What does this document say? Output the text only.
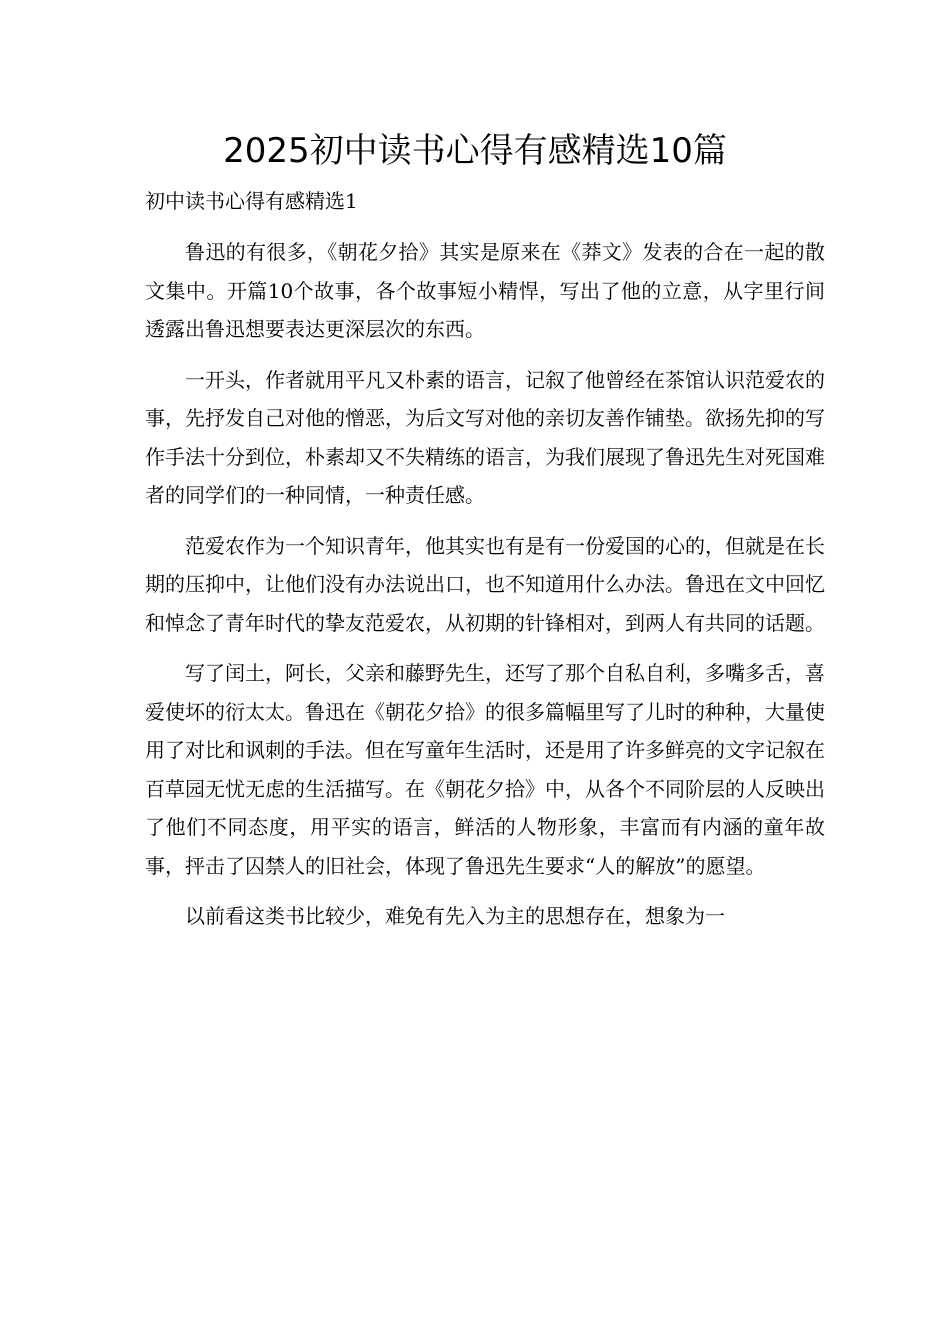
2025初中读书心得有感精选10篇
初中读书心得有感精选1

鲁迅的有很多，《朝花夕拾》其实是原来在《莽文》发表的合在一起的散文集中。开篇10个故事，各个故事短小精悍，写出了他的立意，从字里行间透露出鲁迅想要表达更深层次的东西。

一开头，作者就用平凡又朴素的语言，记叙了他曾经在茶馆认识范爱农的事，先抒发自己对他的憎恶，为后文写对他的亲切友善作铺垫。欲扬先抑的写作手法十分到位，朴素却又不失精练的语言，为我们展现了鲁迅先生对死国难者的同学们的一种同情，一种责任感。

范爱农作为一个知识青年，他其实也有是有一份爱国的心的，但就是在长期的压抑中，让他们没有办法说出口，也不知道用什么办法。鲁迅在文中回忆和悼念了青年时代的挚友范爱农，从初期的针锋相对，到两人有共同的话题。

写了闰土，阿长，父亲和藤野先生，还写了那个自私自利，多嘴多舌，喜爱使坏的衍太太。鲁迅在《朝花夕拾》的很多篇幅里写了儿时的种种，大量使用了对比和讽刺的手法。但在写童年生活时，还是用了许多鲜亮的文字记叙在百草园无忧无虑的生活描写。在《朝花夕拾》中，从各个不同阶层的人反映出了他们不同态度，用平实的语言，鲜活的人物形象，丰富而有内涵的童年故事，抨击了囚禁人的旧社会，体现了鲁迅先生要求“人的解放”的愿望。

以前看这类书比较少，难免有先入为主的思想存在，想象为一
